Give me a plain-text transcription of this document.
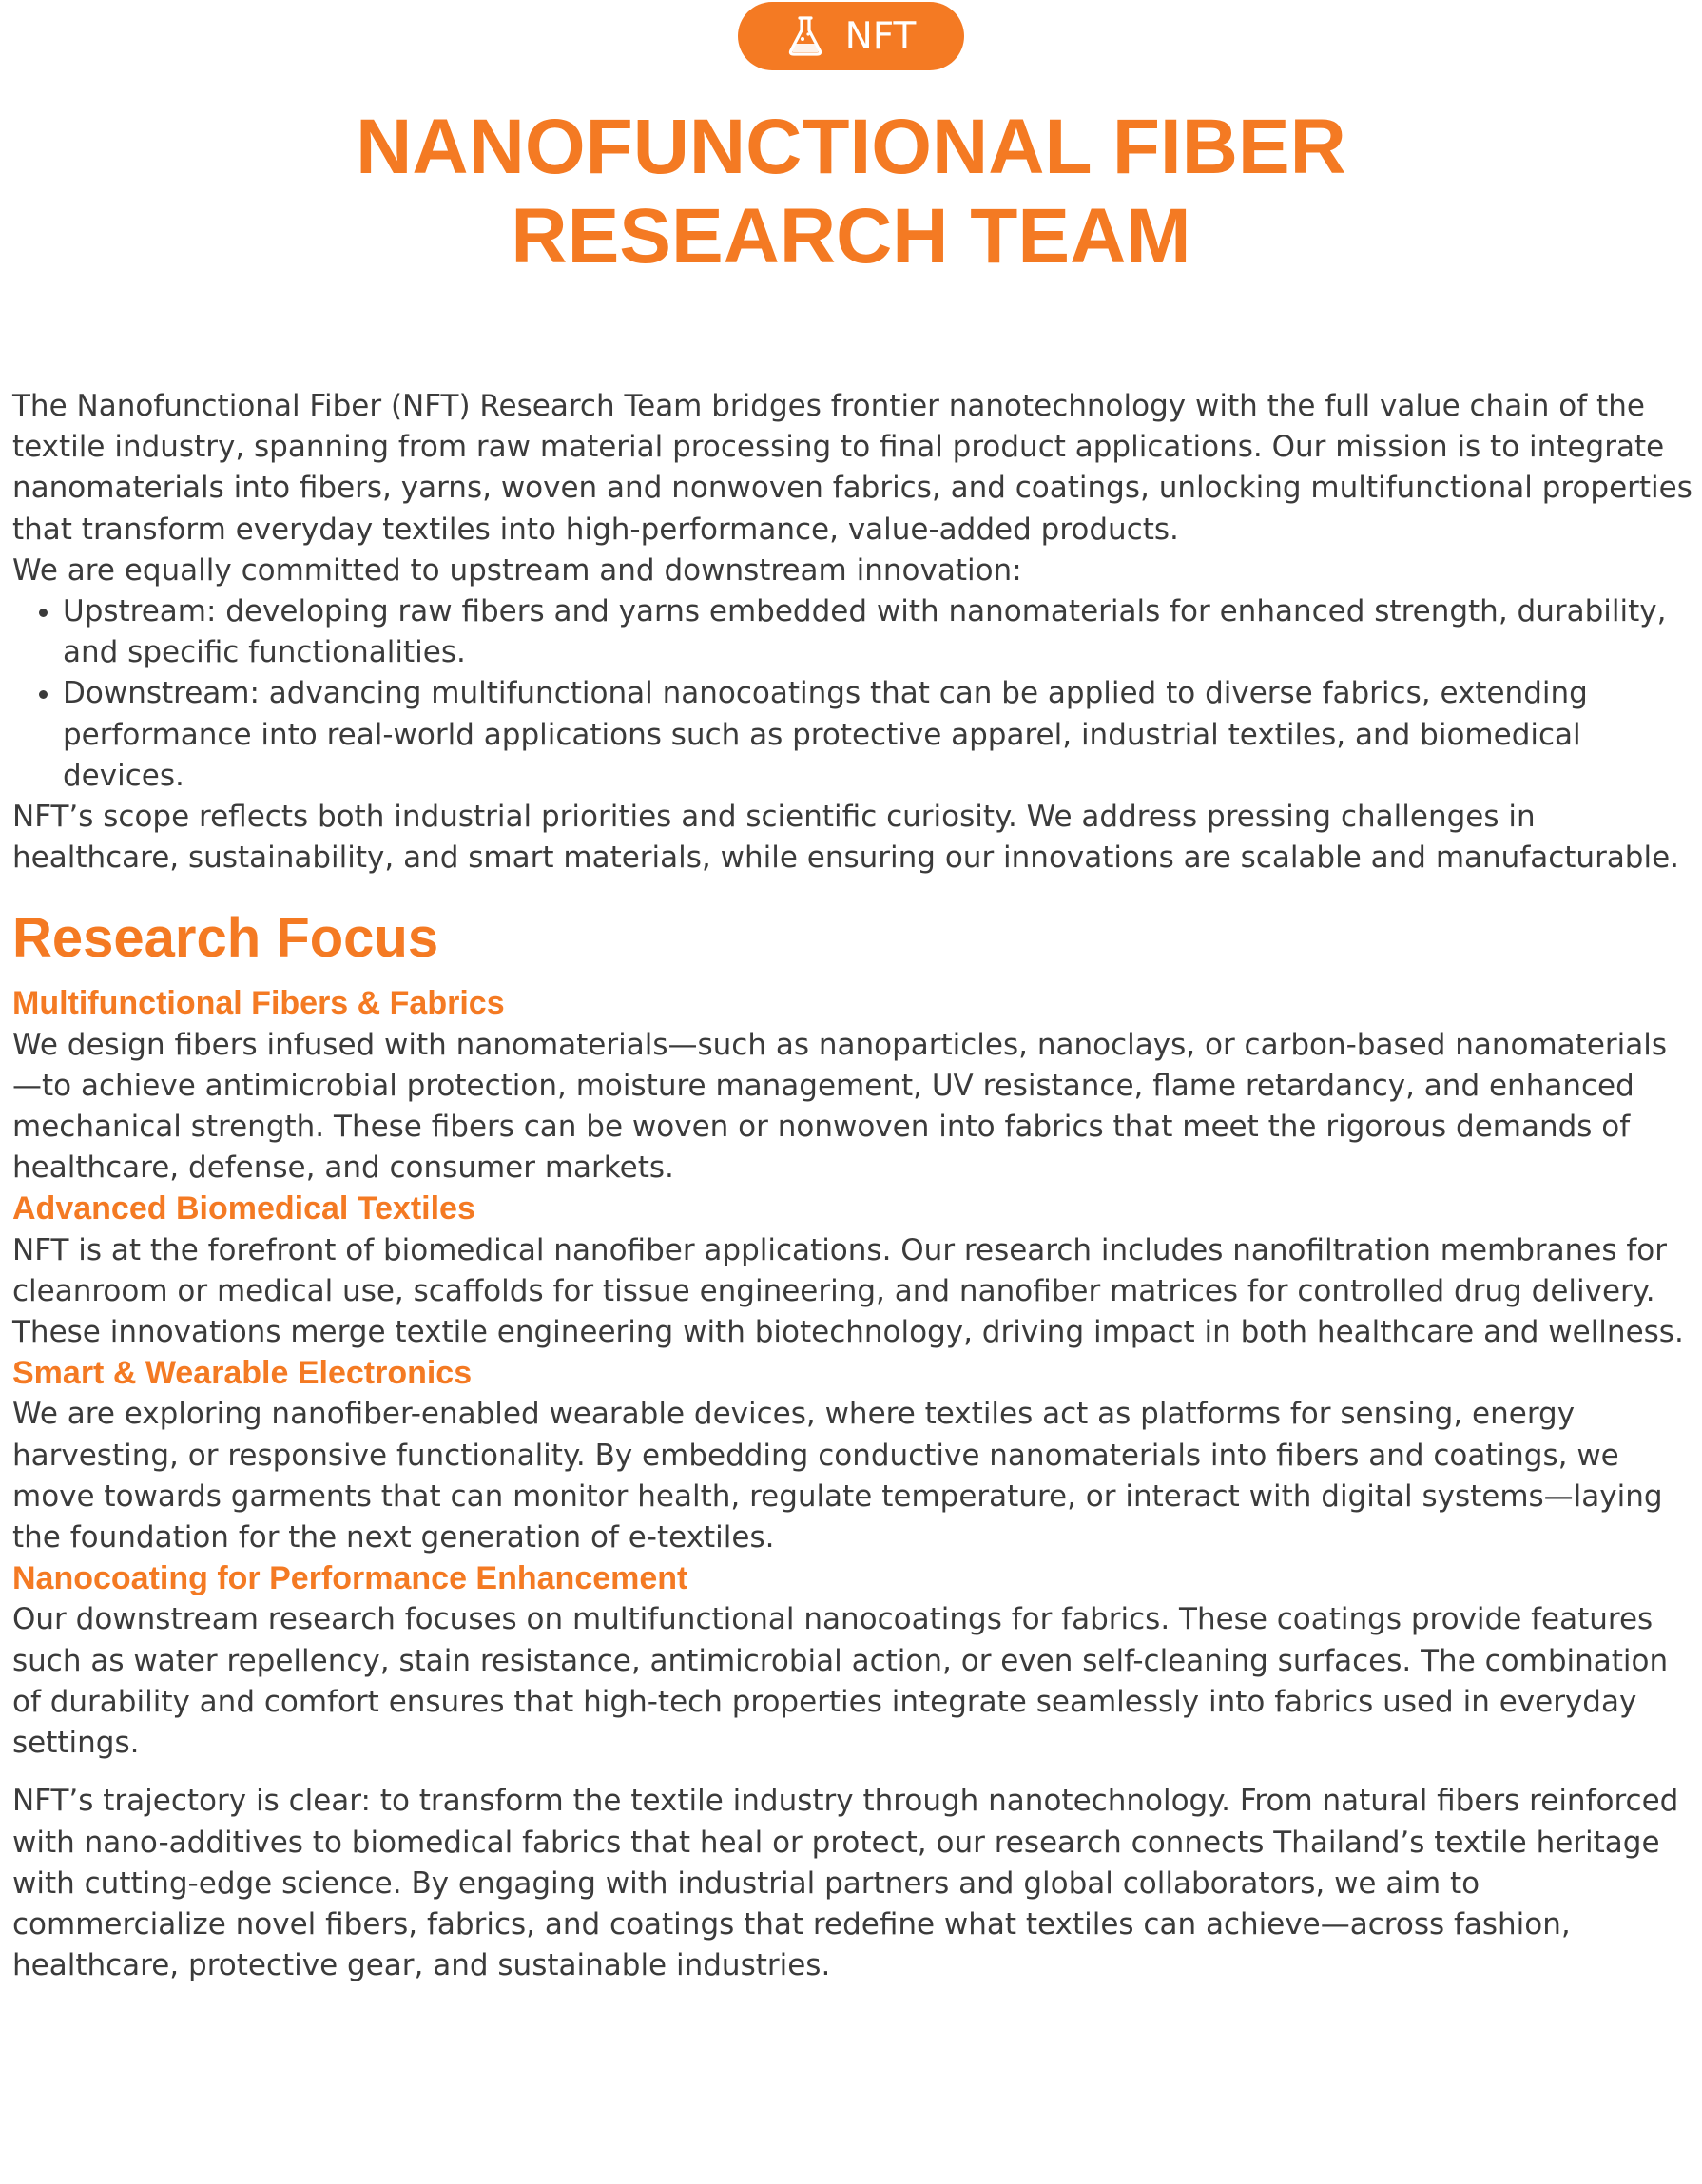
NFT
NANOFUNCTIONAL FIBER
RESEARCH TEAM

The Nanofunctional Fiber (NFT) Research Team bridges frontier nanotechnology with the full value chain of the textile industry, spanning from raw material processing to final product applications. Our mission is to integrate nanomaterials into fibers, yarns, woven and nonwoven fabrics, and coatings, unlocking multifunctional properties that transform everyday textiles into high-performance, value-added products.

We are equally committed to upstream and downstream innovation:

• Upstream: developing raw fibers and yarns embedded with nanomaterials for enhanced strength, durability, and specific functionalities.
• Downstream: advancing multifunctional nanocoatings that can be applied to diverse fabrics, extending performance into real-world applications such as protective apparel, industrial textiles, and biomedical devices.

NFT’s scope reflects both industrial priorities and scientific curiosity. We address pressing challenges in healthcare, sustainability, and smart materials, while ensuring our innovations are scalable and manufacturable.

Research Focus
Multifunctional Fibers & Fabrics

We design fibers infused with nanomaterials—such as nanoparticles, nanoclays, or carbon-based nanomaterials—to achieve antimicrobial protection, moisture management, UV resistance, flame retardancy, and enhanced mechanical strength. These fibers can be woven or nonwoven into fabrics that meet the rigorous demands of healthcare, defense, and consumer markets.

Advanced Biomedical Textiles

NFT is at the forefront of biomedical nanofiber applications. Our research includes nanofiltration membranes for cleanroom or medical use, scaffolds for tissue engineering, and nanofiber matrices for controlled drug delivery. These innovations merge textile engineering with biotechnology, driving impact in both healthcare and wellness.

Smart & Wearable Electronics

We are exploring nanofiber-enabled wearable devices, where textiles act as platforms for sensing, energy harvesting, or responsive functionality. By embedding conductive nanomaterials into fibers and coatings, we move towards garments that can monitor health, regulate temperature, or interact with digital systems—laying the foundation for the next generation of e-textiles.

Nanocoating for Performance Enhancement

Our downstream research focuses on multifunctional nanocoatings for fabrics. These coatings provide features such as water repellency, stain resistance, antimicrobial action, or even self-cleaning surfaces. The combination of durability and comfort ensures that high-tech properties integrate seamlessly into fabrics used in everyday settings.

NFT’s trajectory is clear: to transform the textile industry through nanotechnology. From natural fibers reinforced with nano-additives to biomedical fabrics that heal or protect, our research connects Thailand’s textile heritage with cutting-edge science. By engaging with industrial partners and global collaborators, we aim to commercialize novel fibers, fabrics, and coatings that redefine what textiles can achieve—across fashion, healthcare, protective gear, and sustainable industries.
